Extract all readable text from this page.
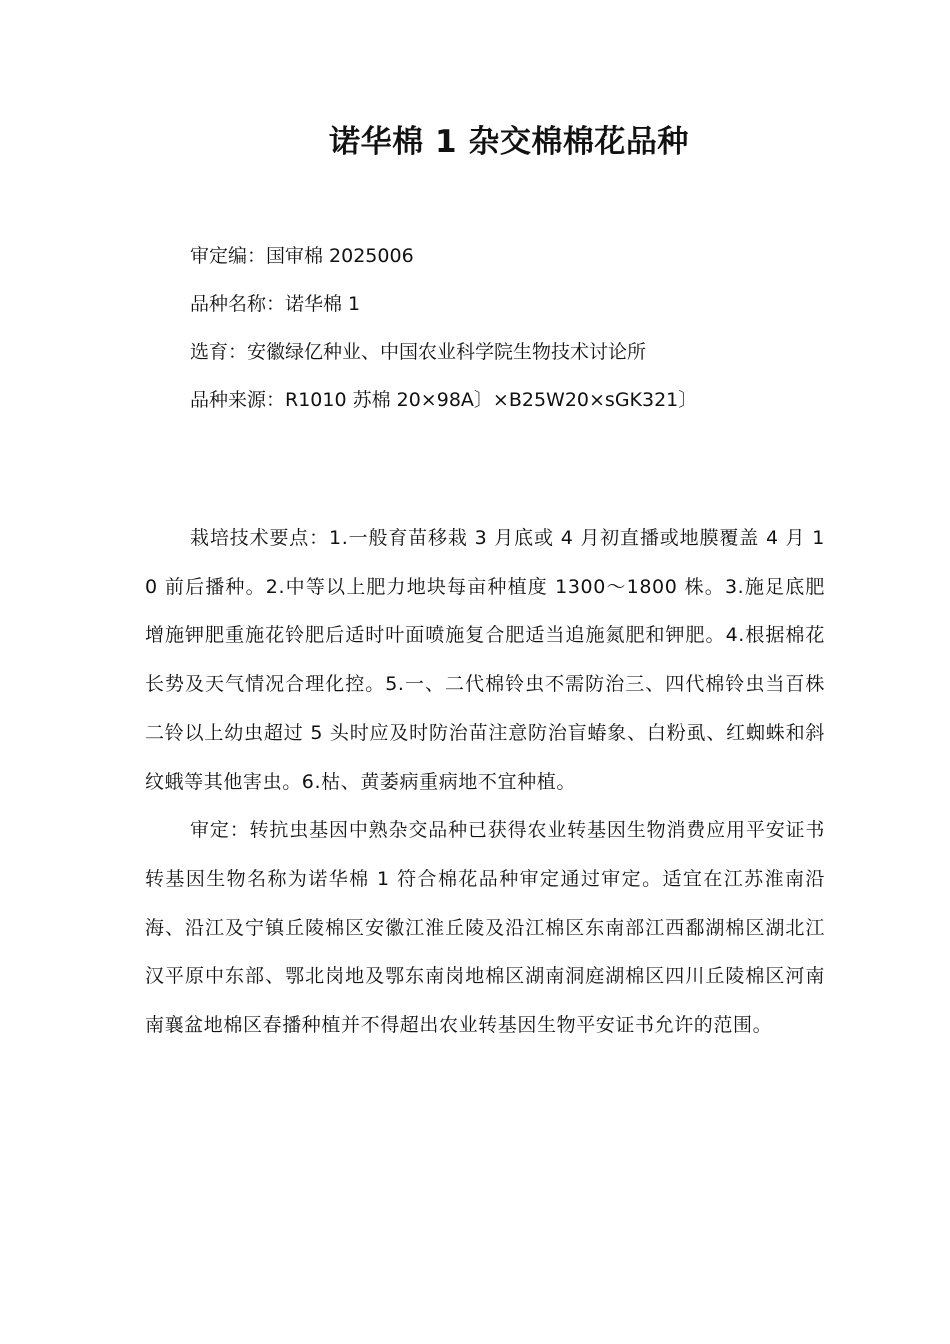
诺华棉 1 杂交棉棉花品种
审定编：国审棉 2025006
品种名称：诺华棉 1
选育：安徽绿亿种业、中国农业科学院生物技术讨论所
品种来源：R1010 苏棉 20×98A〕×B25W20×sGK321〕

栽培技术要点：1.一般育苗移栽 3 月底或 4 月初直播或地膜覆盖 4 月 10 前后播种。2.中等以上肥力地块每亩种植度 1300～1800 株。3.施足底肥增施钾肥重施花铃肥后适时叶面喷施复合肥适当追施氮肥和钾肥。4.根据棉花长势及天气情况合理化控。5.一、二代棉铃虫不需防治三、四代棉铃虫当百株二铃以上幼虫超过 5 头时应及时防治苗注意防治盲蝽象、白粉虱、红蜘蛛和斜纹蛾等其他害虫。6.枯、黄萎病重病地不宜种植。

审定：转抗虫基因中熟杂交品种已获得农业转基因生物消费应用平安证书转基因生物名称为诺华棉 1 符合棉花品种审定通过审定。适宜在江苏淮南沿海、沿江及宁镇丘陵棉区安徽江淮丘陵及沿江棉区东南部江西鄱湖棉区湖北江汉平原中东部、鄂北岗地及鄂东南岗地棉区湖南洞庭湖棉区四川丘陵棉区河南南襄盆地棉区春播种植并不得超出农业转基因生物平安证书允许的范围。
